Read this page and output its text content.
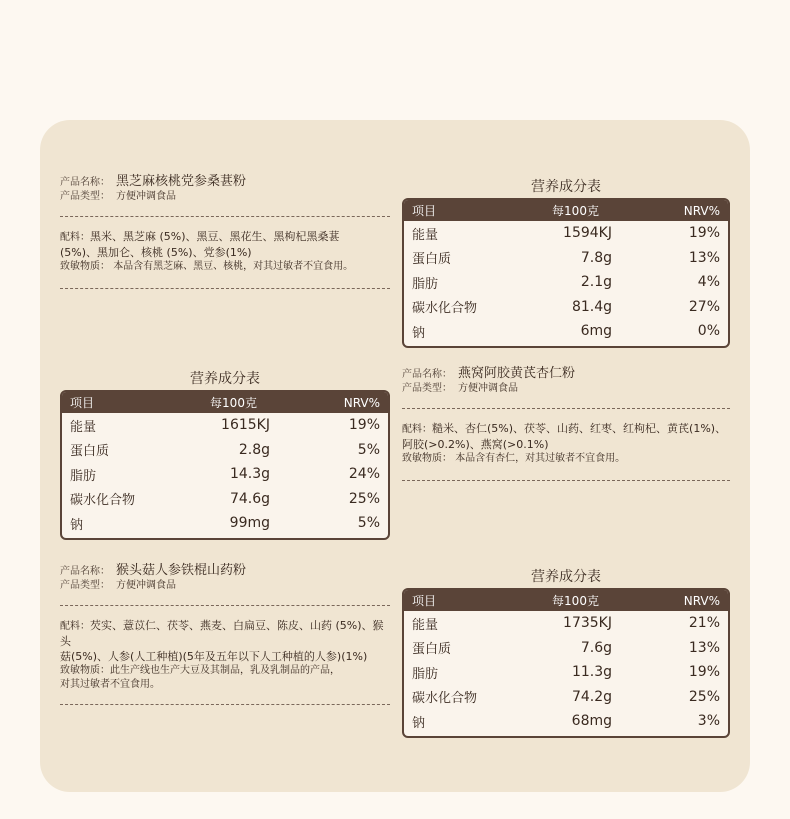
产品名称： 黑芝麻核桃党参桑葚粉
产品类型： 方便冲调食品
配料：黑米、黑芝麻 (5%)、黑豆、黑花生、黑枸杞黑桑葚
(5%)、黑加仑、核桃 (5%)、党参(1%)
致敏物质： 本品含有黑芝麻、黑豆、核桃，对其过敏者不宜食用。
营养成分表
项目	每100克	NRV%
能量	1594KJ	19%
蛋白质	7.8g	13%
脂肪	2.1g	4%
碳水化合物	81.4g	27%
钠	6mg	0%
营养成分表
项目	每100克	NRV%
能量	1615KJ	19%
蛋白质	2.8g	5%
脂肪	14.3g	24%
碳水化合物	74.6g	25%
钠	99mg	5%
产品名称： 燕窝阿胶黄芪杏仁粉
产品类型： 方便冲调食品
配料：糙米、杏仁(5%)、茯苓、山药、红枣、红枸杞、黄芪(1%)、
阿胶(>0.2%)、燕窝(>0.1%)
致敏物质： 本品含有杏仁，对其过敏者不宜食用。
产品名称： 猴头菇人参铁棍山药粉
产品类型： 方便冲调食品
配料：芡实、薏苡仁、茯苓、燕麦、白扁豆、陈皮、山药 (5%)、猴头
菇(5%)、人参(人工种植)(5年及五年以下人工种植的人参)(1%)
致敏物质：此生产线也生产大豆及其制品，乳及乳制品的产品，
对其过敏者不宜食用。
营养成分表
项目	每100克	NRV%
能量	1735KJ	21%
蛋白质	7.6g	13%
脂肪	11.3g	19%
碳水化合物	74.2g	25%
钠	68mg	3%
